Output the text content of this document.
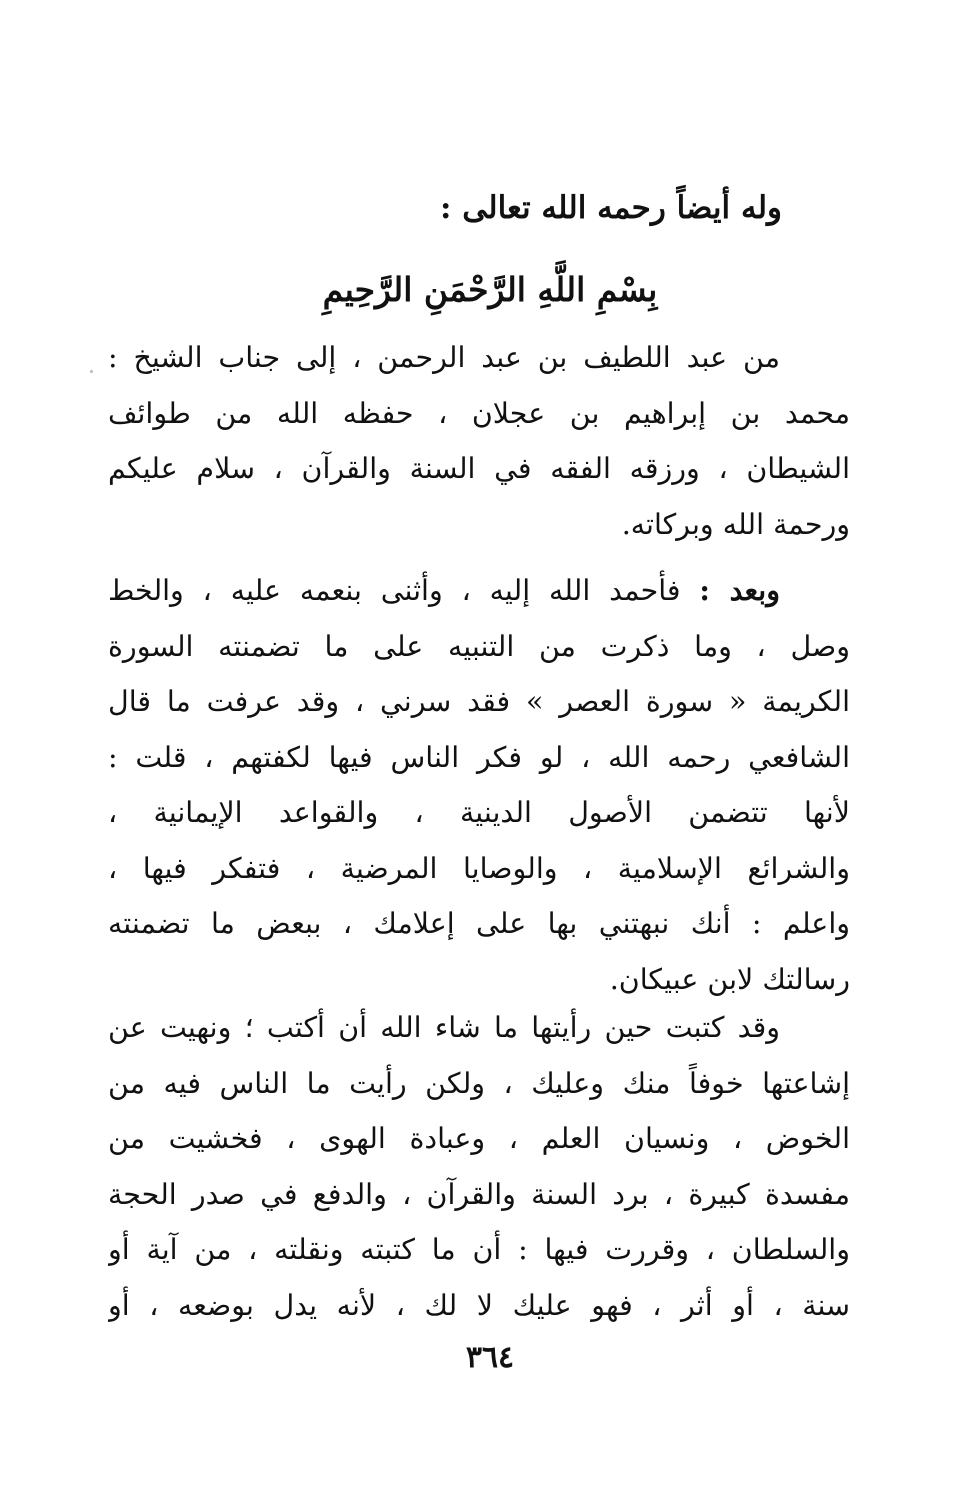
وله أيضاً رحمه الله تعالى :
بِسْمِ اللَّهِ الرَّحْمَنِ الرَّحِيمِ
من عبد اللطيف بن عبد الرحمن ، إلى جناب الشيخ :
محمد بن إبراهيم بن عجلان ، حفظه الله من طوائف
الشيطان ، ورزقه الفقه في السنة والقرآن ، سلام عليكم
ورحمة الله وبركاته.
وبعد : فأحمد الله إليه ، وأثنى بنعمه عليه ، والخط
وصل ، وما ذكرت من التنبيه على ما تضمنته السورة
الكريمة « سورة العصر » فقد سرني ، وقد عرفت ما قال
الشافعي رحمه الله ، لو فكر الناس فيها لكفتهم ، قلت :
لأنها تتضمن الأصول الدينية ، والقواعد الإيمانية ،
والشرائع الإسلامية ، والوصايا المرضية ، فتفكر فيها ،
واعلم : أنك نبهتني بها على إعلامك ، ببعض ما تضمنته
رسالتك لابن عبيكان.
وقد كتبت حين رأيتها ما شاء الله أن أكتب ؛ ونهيت عن
إشاعتها خوفاً منك وعليك ، ولكن رأيت ما الناس فيه من
الخوض ، ونسيان العلم ، وعبادة الهوى ، فخشيت من
مفسدة كبيرة ، برد السنة والقرآن ، والدفع في صدر الحجة
والسلطان ، وقررت فيها : أن ما كتبته ونقلته ، من آية أو
سنة ، أو أثر ، فهو عليك لا لك ، لأنه يدل بوضعه ، أو
٣٦٤
